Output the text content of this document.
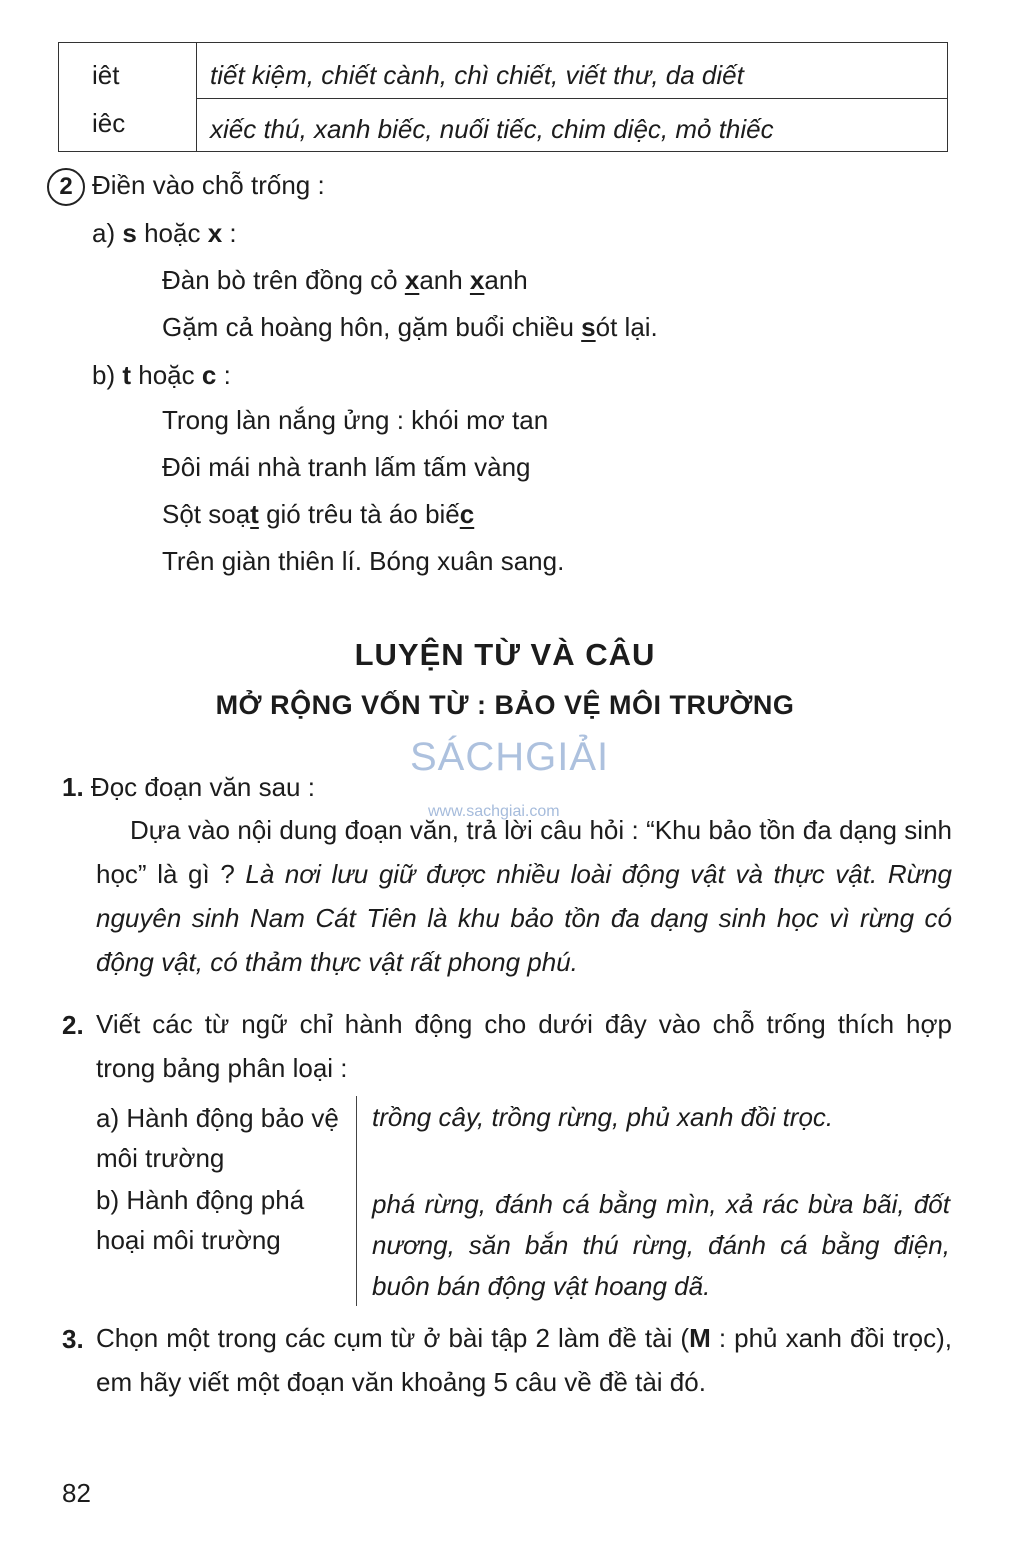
iêt
iêc
tiết kiệm, chiết cành, chì chiết, viết thư, da diết
xiếc thú, xanh biếc, nuối tiếc, chim diệc, mỏ thiếc
2 Điền vào chỗ trống :
a) s hoặc x :
Đàn bò trên đồng cỏ xanh xanh
Gặm cả hoàng hôn, gặm buổi chiều sót lại.
b) t hoặc c :
Trong làn nắng ửng : khói mơ tan
Đôi mái nhà tranh lấm tấm vàng
Sột soạt gió trêu tà áo biếc
Trên giàn thiên lí. Bóng xuân sang.
LUYỆN TỪ VÀ CÂU
MỞ RỘNG VỐN TỪ : BẢO VỆ MÔI TRƯỜNG
SÁCHGIẢI
www.sachgiai.com
1. Đọc đoạn văn sau :
Dựa vào nội dung đoạn văn, trả lời câu hỏi : “Khu bảo tồn đa dạng sinh học” là gì ? Là nơi lưu giữ được nhiều loài động vật và thực vật. Rừng nguyên sinh Nam Cát Tiên là khu bảo tồn đa dạng sinh học vì rừng có động vật, có thảm thực vật rất phong phú.
2. Viết các từ ngữ chỉ hành động cho dưới đây vào chỗ trống thích hợp trong bảng phân loại :
a) Hành động bảo vệ môi trường
trồng cây, trồng rừng, phủ xanh đồi trọc.
b) Hành động phá hoại môi trường
phá rừng, đánh cá bằng mìn, xả rác bừa bãi, đốt nương, săn bắn thú rừng, đánh cá bằng điện, buôn bán động vật hoang dã.
3. Chọn một trong các cụm từ ở bài tập 2 làm đề tài (M : phủ xanh đồi trọc), em hãy viết một đoạn văn khoảng 5 câu về đề tài đó.
82
